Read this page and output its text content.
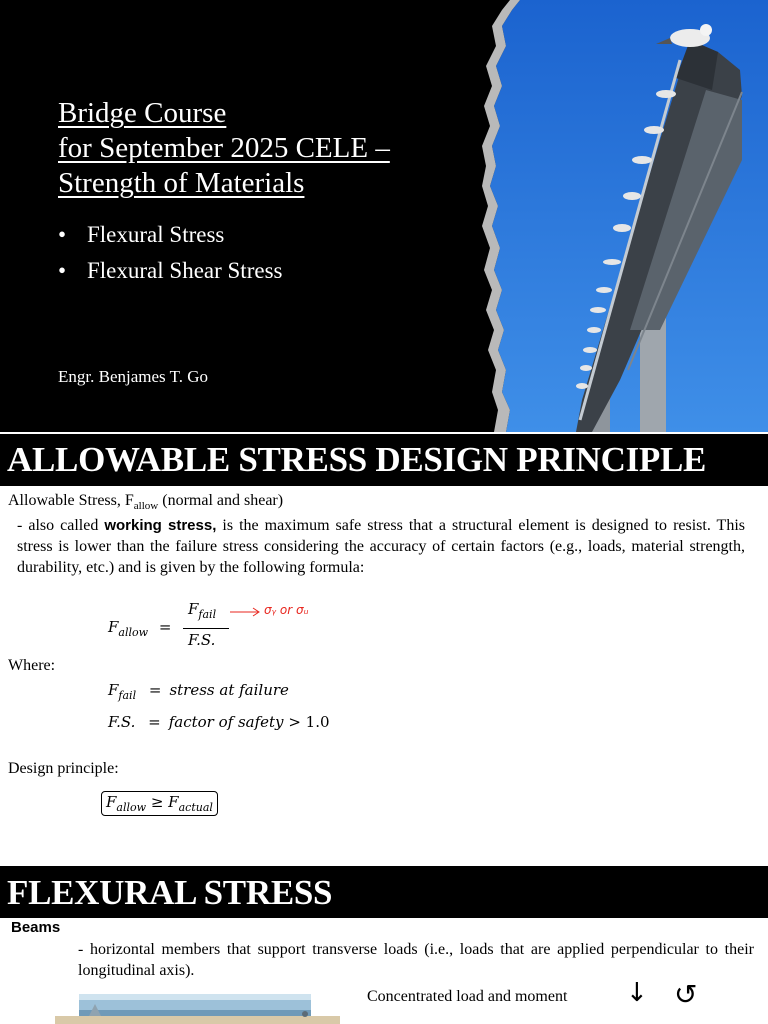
Bridge Course
for September 2025 CELE –
Strength of Materials
• Flexural Stress
• Flexural Shear Stress
Engr. Benjames T. Go
ALLOWABLE STRESS DESIGN PRINCIPLE
Allowable Stress, $F_{allow}$ (normal and shear)
- also called working stress, is the maximum safe stress that a structural element is designed to resist. This stress is lower than the failure stress considering the accuracy of certain factors (e.g., loads, material strength, durability, etc.) and is given by the following formula:
$F_{allow}$ =
$F_{fail}$
F.S.
σᵧ or σᵤ
Where:
$F_{fail}$ = stress at failure
F.S. = factor of safety > 1.0
Design principle:
$F_{allow} \ge F_{actual}$
FLEXURAL STRESS
Beams
- horizontal members that support transverse loads (i.e., loads that are applied perpendicular to their longitudinal axis).
Concentrated load and moment ↓ ↻
